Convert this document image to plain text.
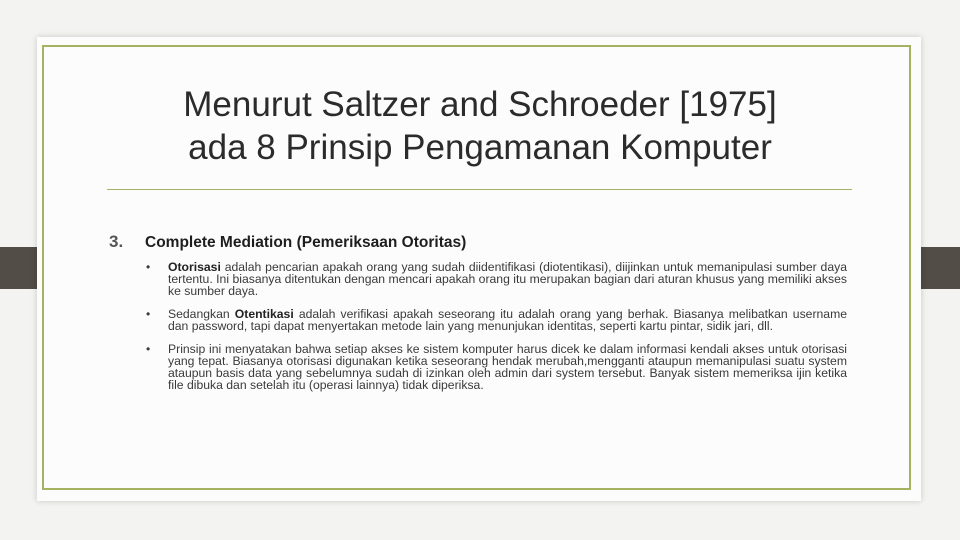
Menurut Saltzer and Schroeder [1975]
ada 8 Prinsip Pengamanan Komputer
3. Complete Mediation (Pemeriksaan Otoritas)
• Otorisasi adalah pencarian apakah orang yang sudah diidentifikasi (diotentikasi), diijinkan untuk memanipulasi sumber daya tertentu. Ini biasanya ditentukan dengan mencari apakah orang itu merupakan bagian dari aturan khusus yang memiliki akses ke sumber daya.
• Sedangkan Otentikasi adalah verifikasi apakah seseorang itu adalah orang yang berhak. Biasanya melibatkan username dan password, tapi dapat menyertakan metode lain yang menunjukan identitas, seperti kartu pintar, sidik jari, dll.
• Prinsip ini menyatakan bahwa setiap akses ke sistem komputer harus dicek ke dalam informasi kendali akses untuk otorisasi yang tepat. Biasanya otorisasi digunakan ketika seseorang hendak merubah,mengganti ataupun memanipulasi suatu system ataupun basis data yang sebelumnya sudah di izinkan oleh admin dari system tersebut. Banyak sistem memeriksa ijin ketika file dibuka dan setelah itu (operasi lainnya) tidak diperiksa.
